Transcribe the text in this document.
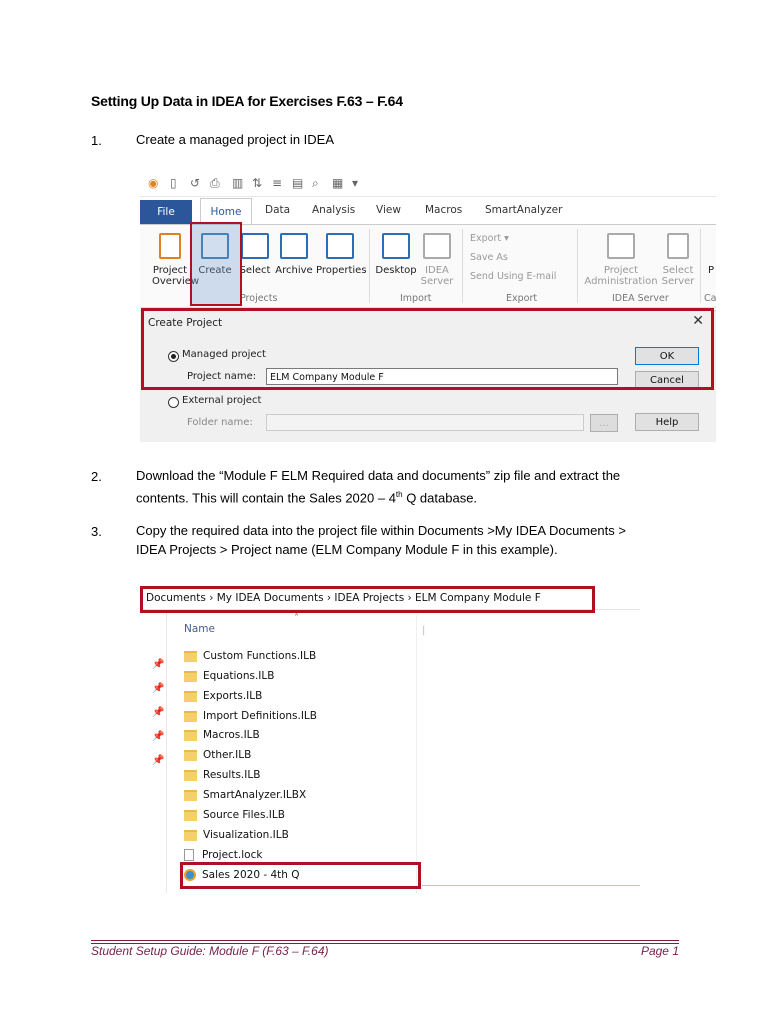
Setting Up Data in IDEA for Exercises F.63 – F.64
1.	Create a managed project in IDEA
◉ ▯ ↺ ⎙ ▥ ⇅ ≡ ▤ ⌕ ▦ ▾
File	Home	Data Analysis View Macros SmartAnalyzer
Project
Overview
Create Select Archive Properties
Projects
Desktop IDEA
Server
Import
Export ▾
Save As
Send Using E-mail
Export
Project
Administration
Select
Server
IDEA Server
P
Ca
Create Project	✕
Managed project
Project name:	ELM Company Module F
OK
Cancel
External project
Folder name:	...	Help
2.	Download the “Module F ELM Required data and documents” zip file and extract the
contents. This will contain the Sales 2020 – 4th Q database.
3.	Copy the required data into the project file within Documents >My IDEA Documents >
IDEA Projects > Project name (ELM Company Module F in this example).
Documents › My IDEA Documents › IDEA Projects › ELM Company Module F
˄
Name	|
📌
📌
📌
📌
📌
Custom Functions.ILB
Equations.ILB
Exports.ILB
Import Definitions.ILB
Macros.ILB
Other.ILB
Results.ILB
SmartAnalyzer.ILBX
Source Files.ILB
Visualization.ILB
Project.lock
Sales 2020 - 4th Q
Student Setup Guide: Module F (F.63 – F.64)	Page 1
